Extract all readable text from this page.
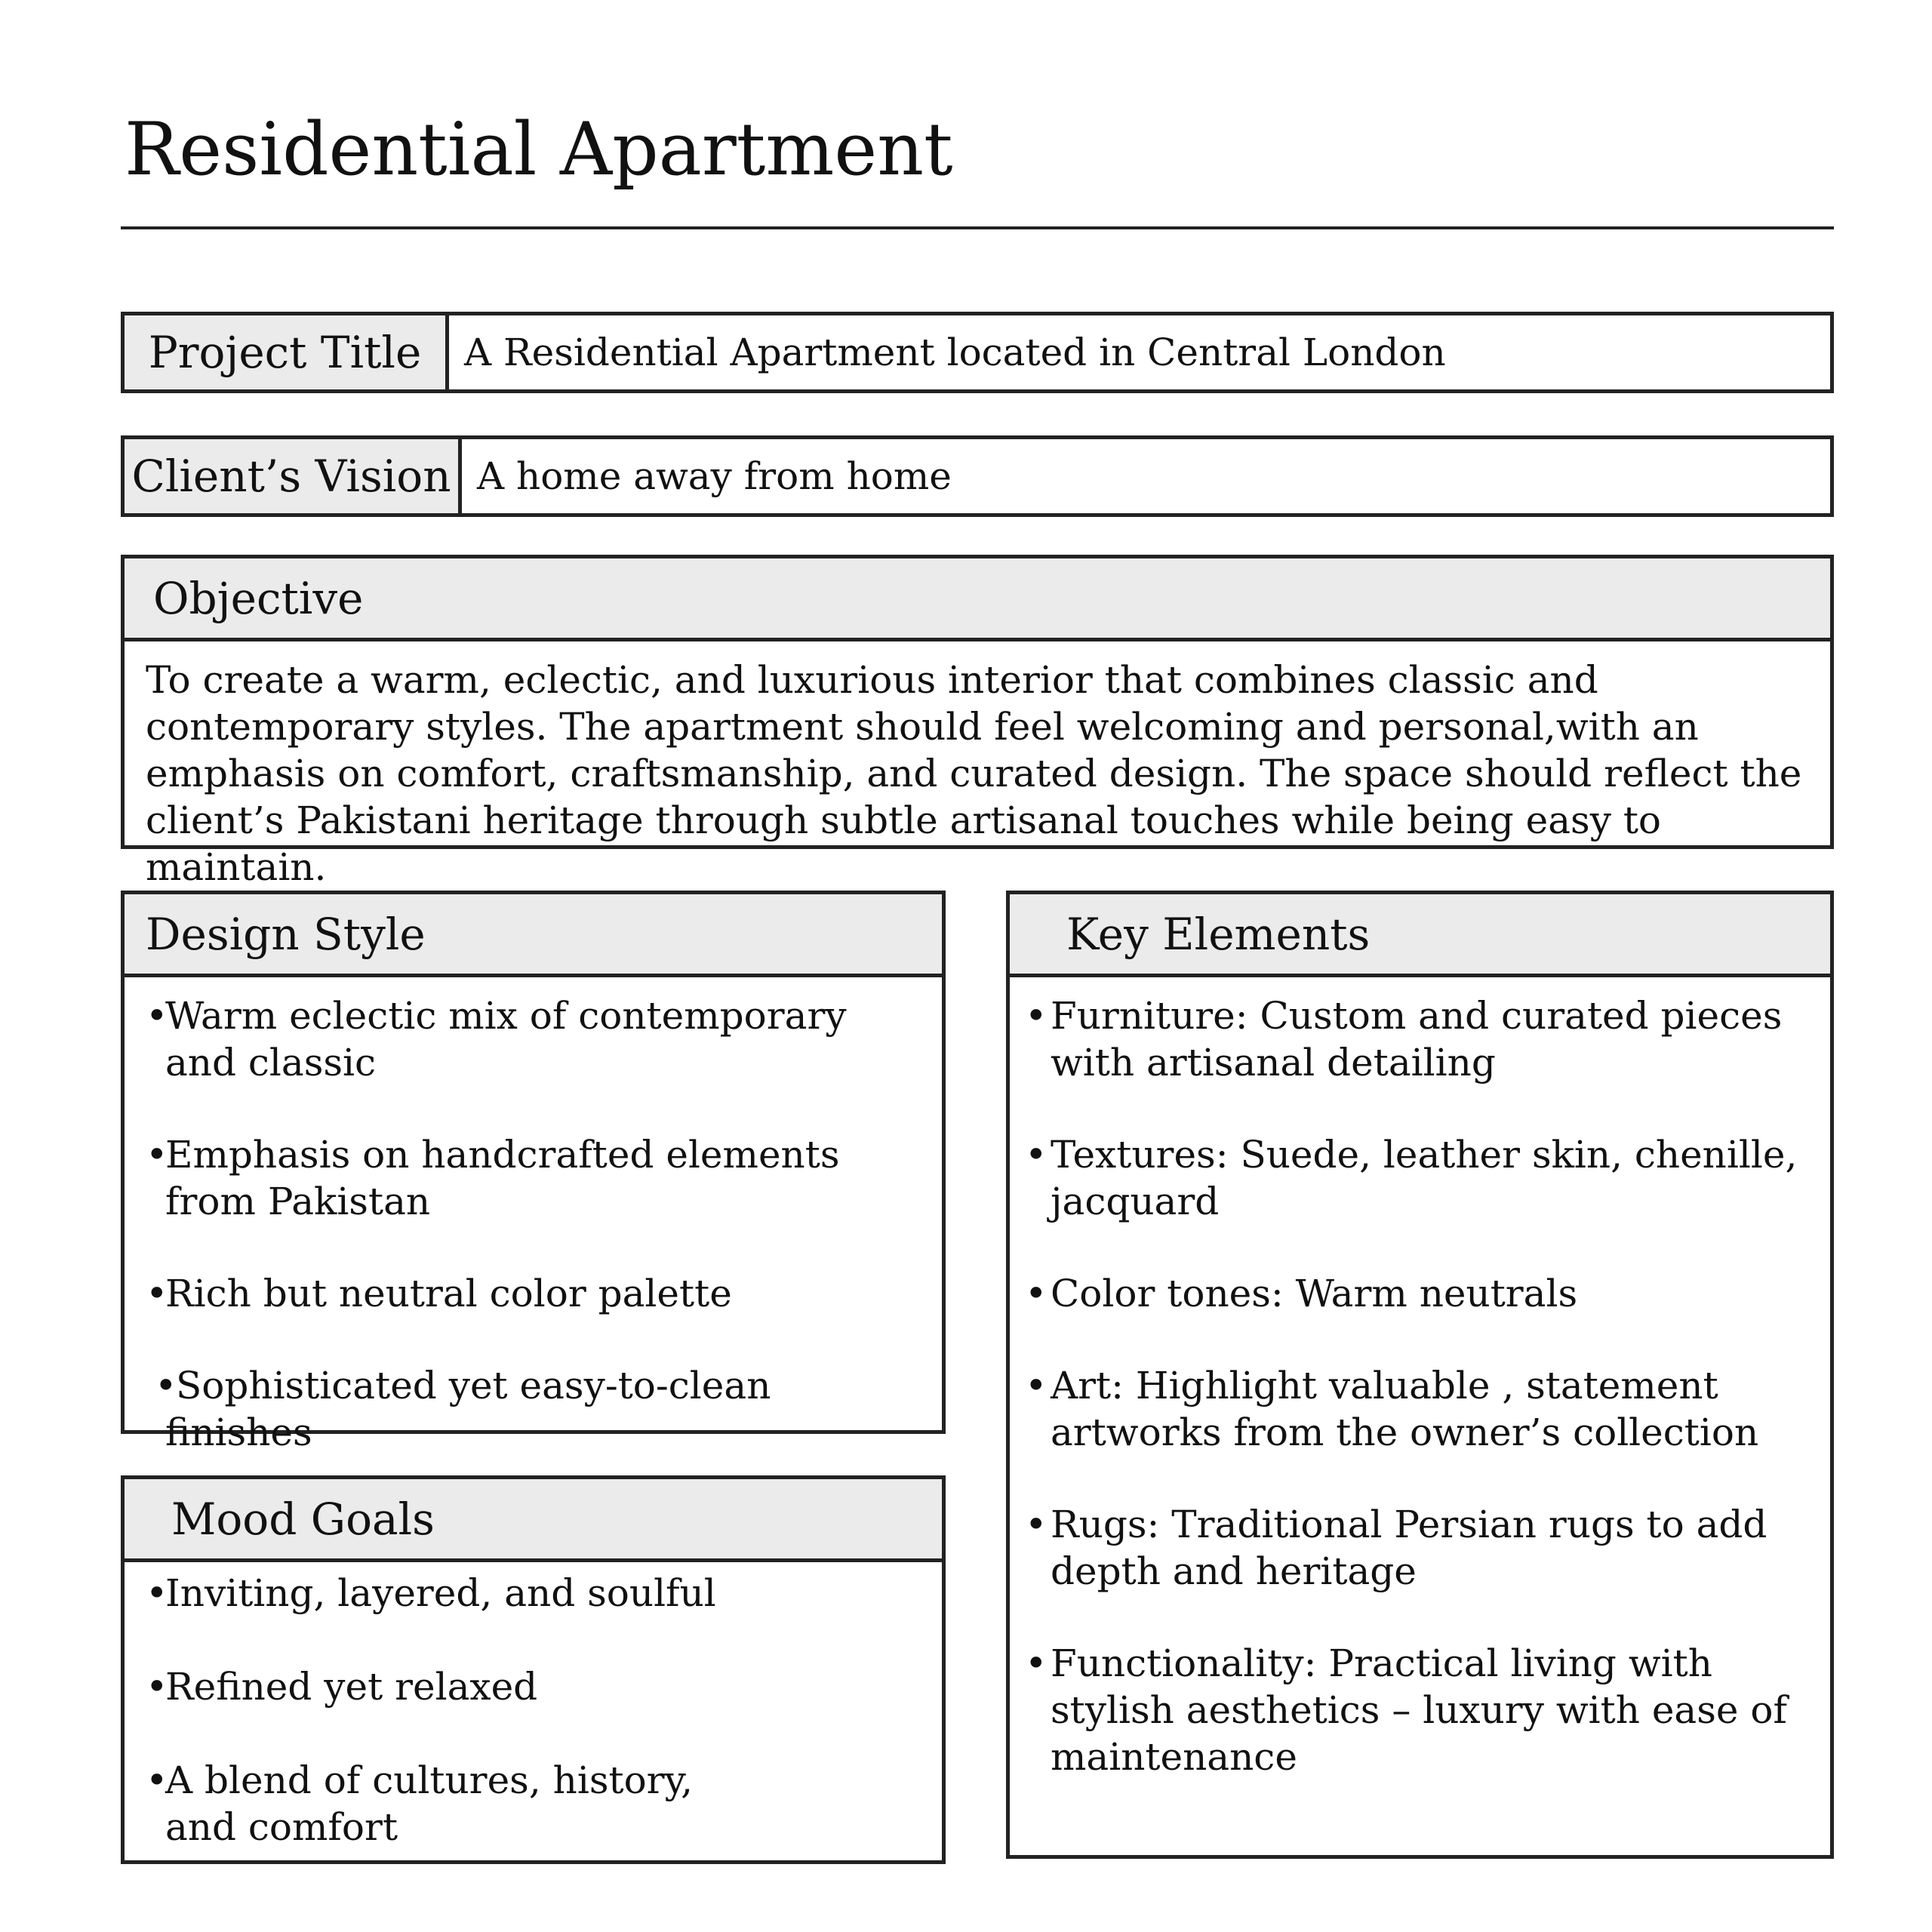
Residential Apartment
Project Title	A Residential Apartment located in Central London
Client’s Vision A home away from home
Objective
To create a warm, eclectic, and luxurious interior that combines classic and contemporary styles. The apartment should feel welcoming and personal,with an emphasis on comfort, craftsmanship, and curated design. The space should reflect the client’s Pakistani heritage through subtle artisanal touches while being easy to maintain.
Design Style
•
Warm eclectic mix of contemporary and classic
•
Emphasis on handcrafted elements from Pakistan
•
Rich but neutral color palette
•
Sophisticated yet easy-to-clean finishes
Mood Goals
•
Inviting, layered, and soulful
•
Refined yet relaxed
•
A blend of cultures, history, and comfort
Key Elements
• Furniture: Custom and curated pieces with artisanal detailing
• Textures: Suede, leather skin, chenille, jacquard
• Color tones: Warm neutrals
• Art: Highlight valuable , statement artworks from the owner’s collection
• Rugs: Traditional Persian rugs to add depth and heritage
• Functionality: Practical living with stylish aesthetics – luxury with ease of maintenance
